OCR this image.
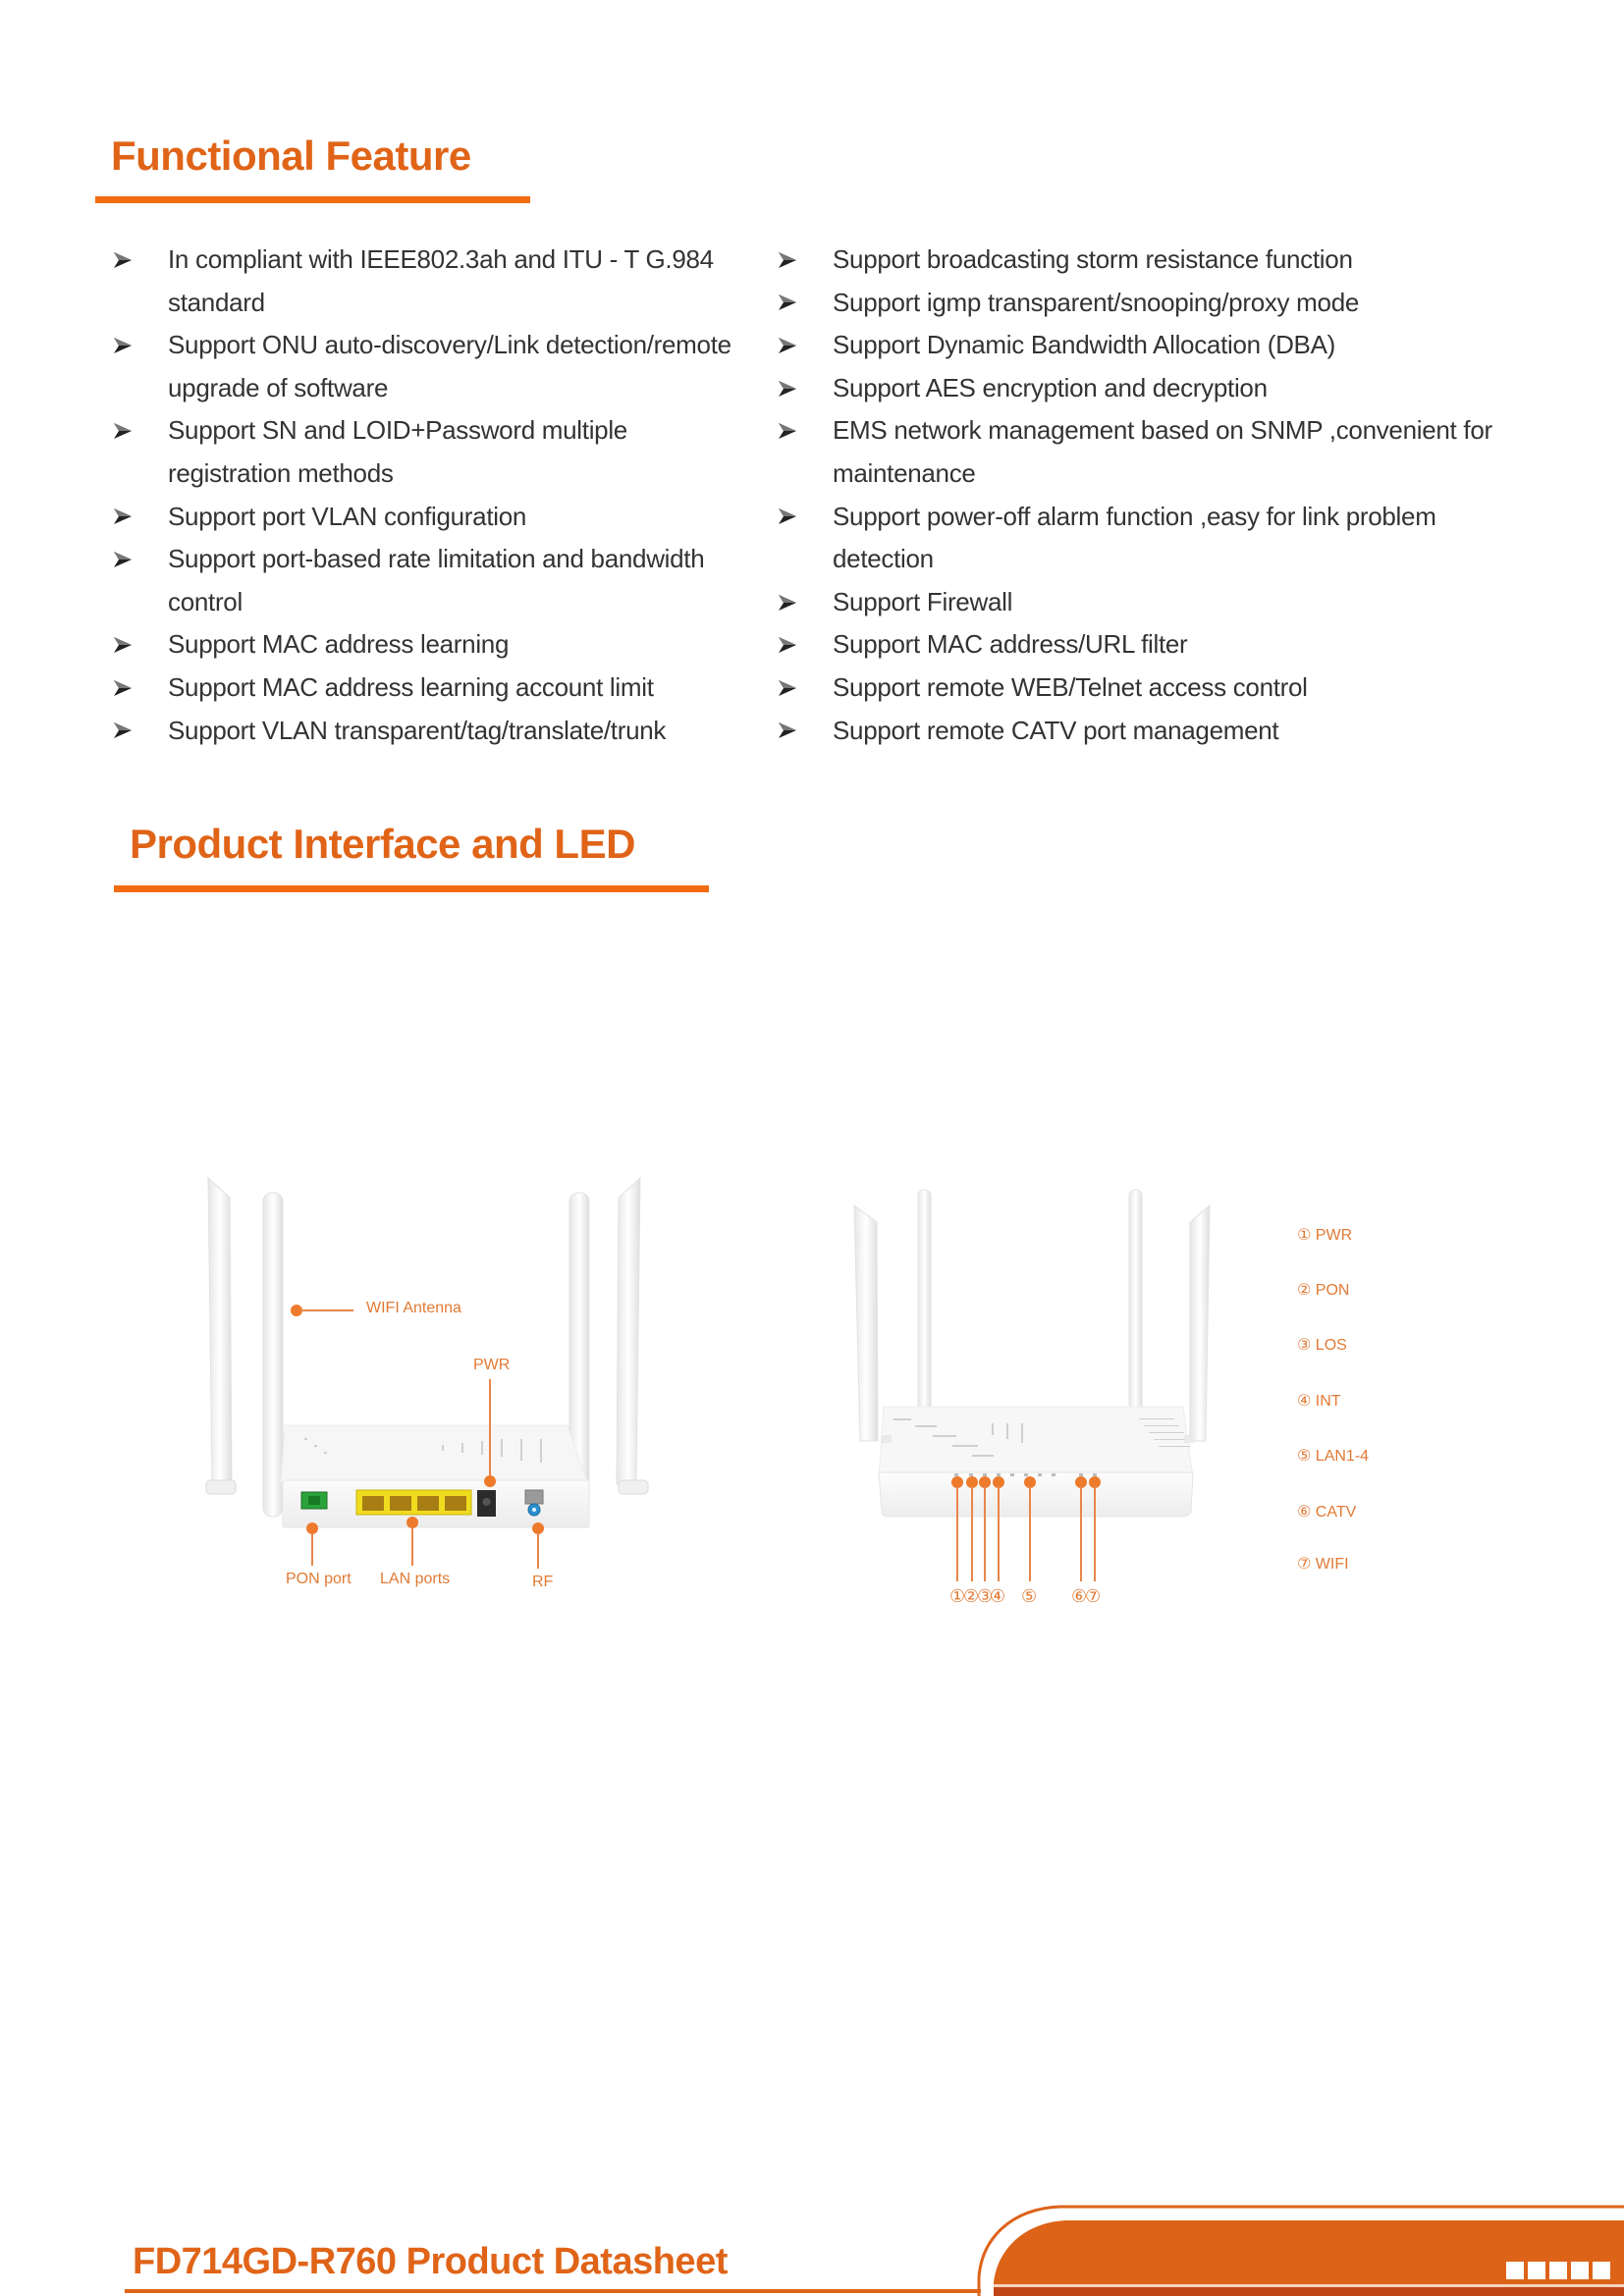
Functional Feature
In compliant with IEEE802.3ah and ITU - T G.984 standard
Support ONU auto-discovery/Link detection/remote upgrade of software
Support SN and LOID+Password multiple registration methods
Support port VLAN configuration
Support port-based rate limitation and bandwidth control
Support MAC address learning
Support MAC address learning account limit
Support VLAN transparent/tag/translate/trunk
Support broadcasting storm resistance function
Support igmp transparent/snooping/proxy mode
Support Dynamic Bandwidth Allocation (DBA)
Support AES encryption and decryption
EMS network management based on SNMP ,convenient for maintenance
Support power-off alarm function ,easy for link problem detection
Support Firewall
Support MAC address/URL filter
Support remote WEB/Telnet access control
Support remote CATV port management
Product Interface and LED
WIFI Antenna
PWR
PON port LAN ports	RF
①
②
③
④ ⑤ ⑥
⑦
① PWR
② PON
③ LOS
④ INT
⑤ LAN1-4
⑥ CATV
⑦ WIFI
FD714GD-R760 Product Datasheet
